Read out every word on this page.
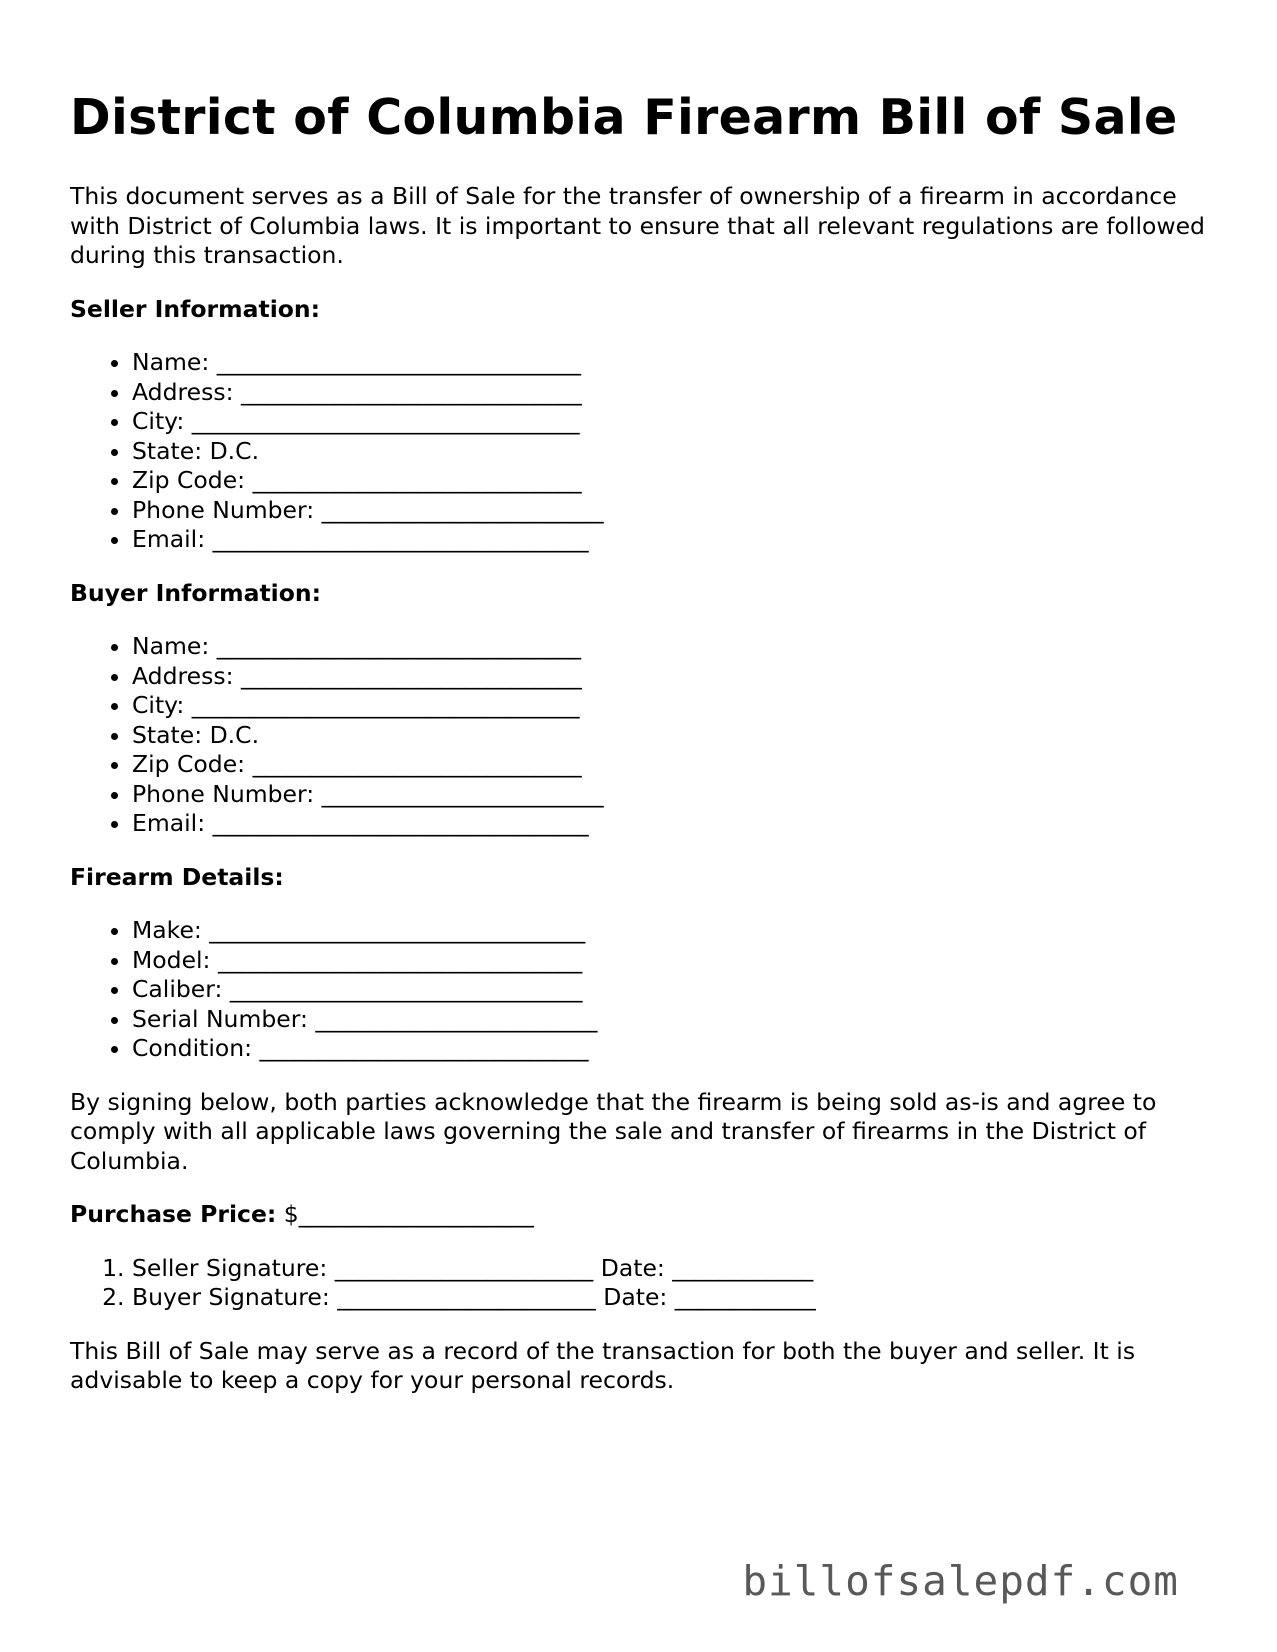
District of Columbia Firearm Bill of Sale

This document serves as a Bill of Sale for the transfer of ownership of a firearm in accordance with District of Columbia laws. It is important to ensure that all relevant regulations are followed during this transaction.

Seller Information:
• Name: _______________________________
• Address: _____________________________
• City: _________________________________
• State: D.C.
• Zip Code: ____________________________
• Phone Number: ________________________
• Email: ________________________________
Buyer Information:
• Name: _______________________________
• Address: _____________________________
• City: _________________________________
• State: D.C.
• Zip Code: ____________________________
• Phone Number: ________________________
• Email: ________________________________
Firearm Details:
• Make: ________________________________
• Model: _______________________________
• Caliber: ______________________________
• Serial Number: ________________________
• Condition: ____________________________

By signing below, both parties acknowledge that the firearm is being sold as-is and agree to comply with all applicable laws governing the sale and transfer of firearms in the District of Columbia.

Purchase Price: $____________________
1. Seller Signature: ______________________ Date: ____________
2. Buyer Signature: ______________________ Date: ____________

This Bill of Sale may serve as a record of the transaction for both the buyer and seller. It is advisable to keep a copy for your personal records.

billofsalepdf.com
